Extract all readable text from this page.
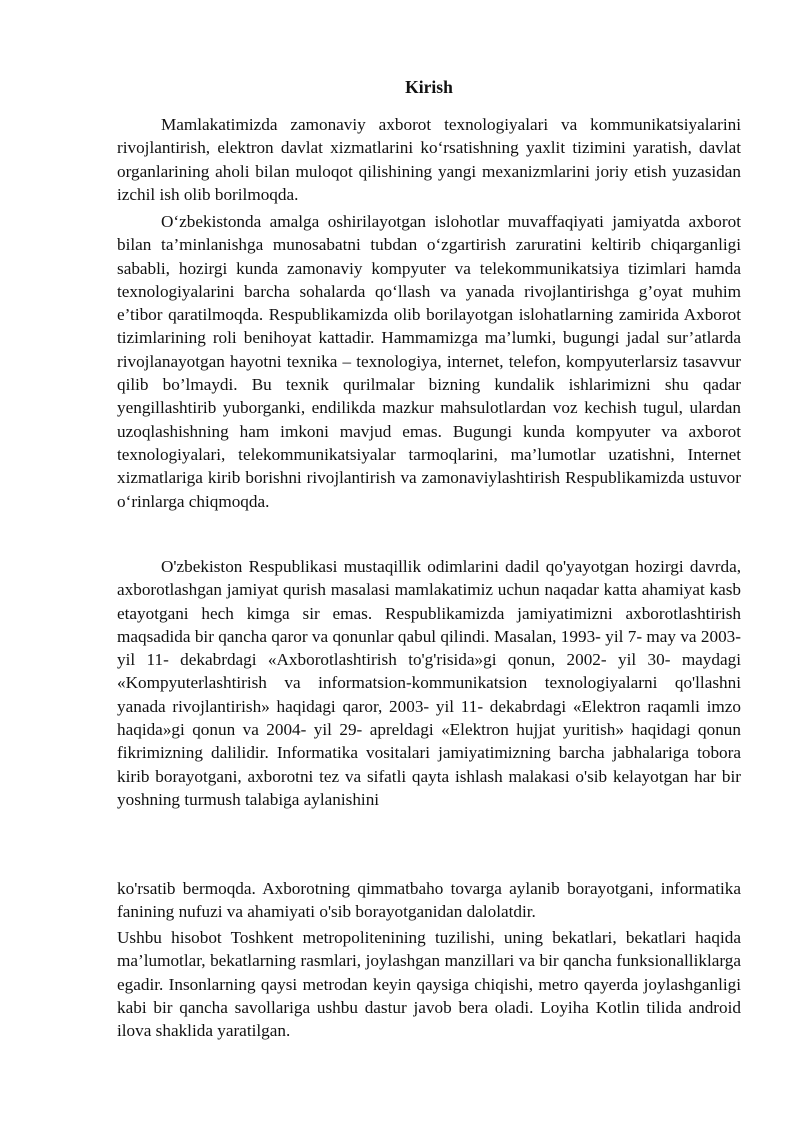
Kirish

Mamlakatimizda zamonaviy axborot texnologiyalari va kommunikatsiyalarini rivojlantirish, elektron davlat xizmatlarini ko‘rsatishning yaxlit tizimini yaratish, davlat organlarining aholi bilan muloqot qilishining yangi mexanizmlarini joriy etish yuzasidan izchil ish olib borilmoqda.

O‘zbekistonda amalga oshirilayotgan islohotlar muvaffaqiyati jamiyatda axborot bilan ta’minlanishga munosabatni tubdan o‘zgartirish zaruratini keltirib chiqarganligi sababli, hozirgi kunda zamonaviy kompyuter va telekommunikatsiya tizimlari hamda texnologiyalarini barcha sohalarda qo‘llash va yanada rivojlantirishga g’oyat muhim e’tibor qaratilmoqda. Respublikamizda olib borilayotgan islohatlarning zamirida Axborot tizimlarining roli benihoyat kattadir. Hammamizga ma’lumki, bugungi jadal sur’atlarda rivojlanayotgan hayotni texnika – texnologiya, internet, telefon, kompyuterlarsiz tasavvur qilib bo’lmaydi. Bu texnik qurilmalar bizning kundalik ishlarimizni shu qadar yengillashtirib yuborganki, endilikda mazkur mahsulotlardan voz kechish tugul, ulardan uzoqlashishning ham imkoni mavjud emas. Bugungi kunda kompyuter va axborot texnologiyalari, telekommunikatsiyalar tarmoqlarini, ma’lumotlar uzatishni, Internet xizmatlariga kirib borishni rivojlantirish va zamonaviylashtirish Respublikamizda ustuvor o‘rinlarga chiqmoqda.

O'zbekiston Respublikasi mustaqillik odimlarini dadil qo'yayotgan hozirgi davrda, axborotlashgan jamiyat qurish masalasi mamlakatimiz uchun naqadar katta ahamiyat kasb etayotgani hech kimga sir emas. Respublikamizda jamiyatimizni axborotlashtirish maqsadida bir qancha qaror va qonunlar qabul qilindi. Masalan, 1993- yil 7- may va 2003- yil 11- dekabrdagi «Axborotlashtirish to'g'risida»gi qonun, 2002- yil 30- maydagi «Kompyuterlashtirish va informatsion-kommunikatsion texnologiyalarni qo'llashni yanada rivojlantirish» haqidagi qaror, 2003- yil 11- dekabrdagi «Elektron raqamli imzo haqida»gi qonun va 2004- yil 29- apreldagi «Elektron hujjat yuritish» haqidagi qonun fikrimizning dalilidir. Informatika vositalari jamiyatimizning barcha jabhalariga tobora kirib borayotgani, axborotni tez va sifatli qayta ishlash malakasi o'sib kelayotgan har bir yoshning turmush talabiga aylanishini

ko'rsatib bermoqda. Axborotning qimmatbaho tovarga aylanib borayotgani, informatika fanining nufuzi va ahamiyati o'sib borayotganidan dalolatdir.

Ushbu hisobot Toshkent metropolitenining tuzilishi, uning bekatlari, bekatlari haqida ma’lumotlar, bekatlarning rasmlari, joylashgan manzillari va bir qancha funksionalliklarga egadir. Insonlarning qaysi metrodan keyin qaysiga chiqishi, metro qayerda joylashganligi kabi bir qancha savollariga ushbu dastur javob bera oladi. Loyiha Kotlin tilida android ilova shaklida yaratilgan.
